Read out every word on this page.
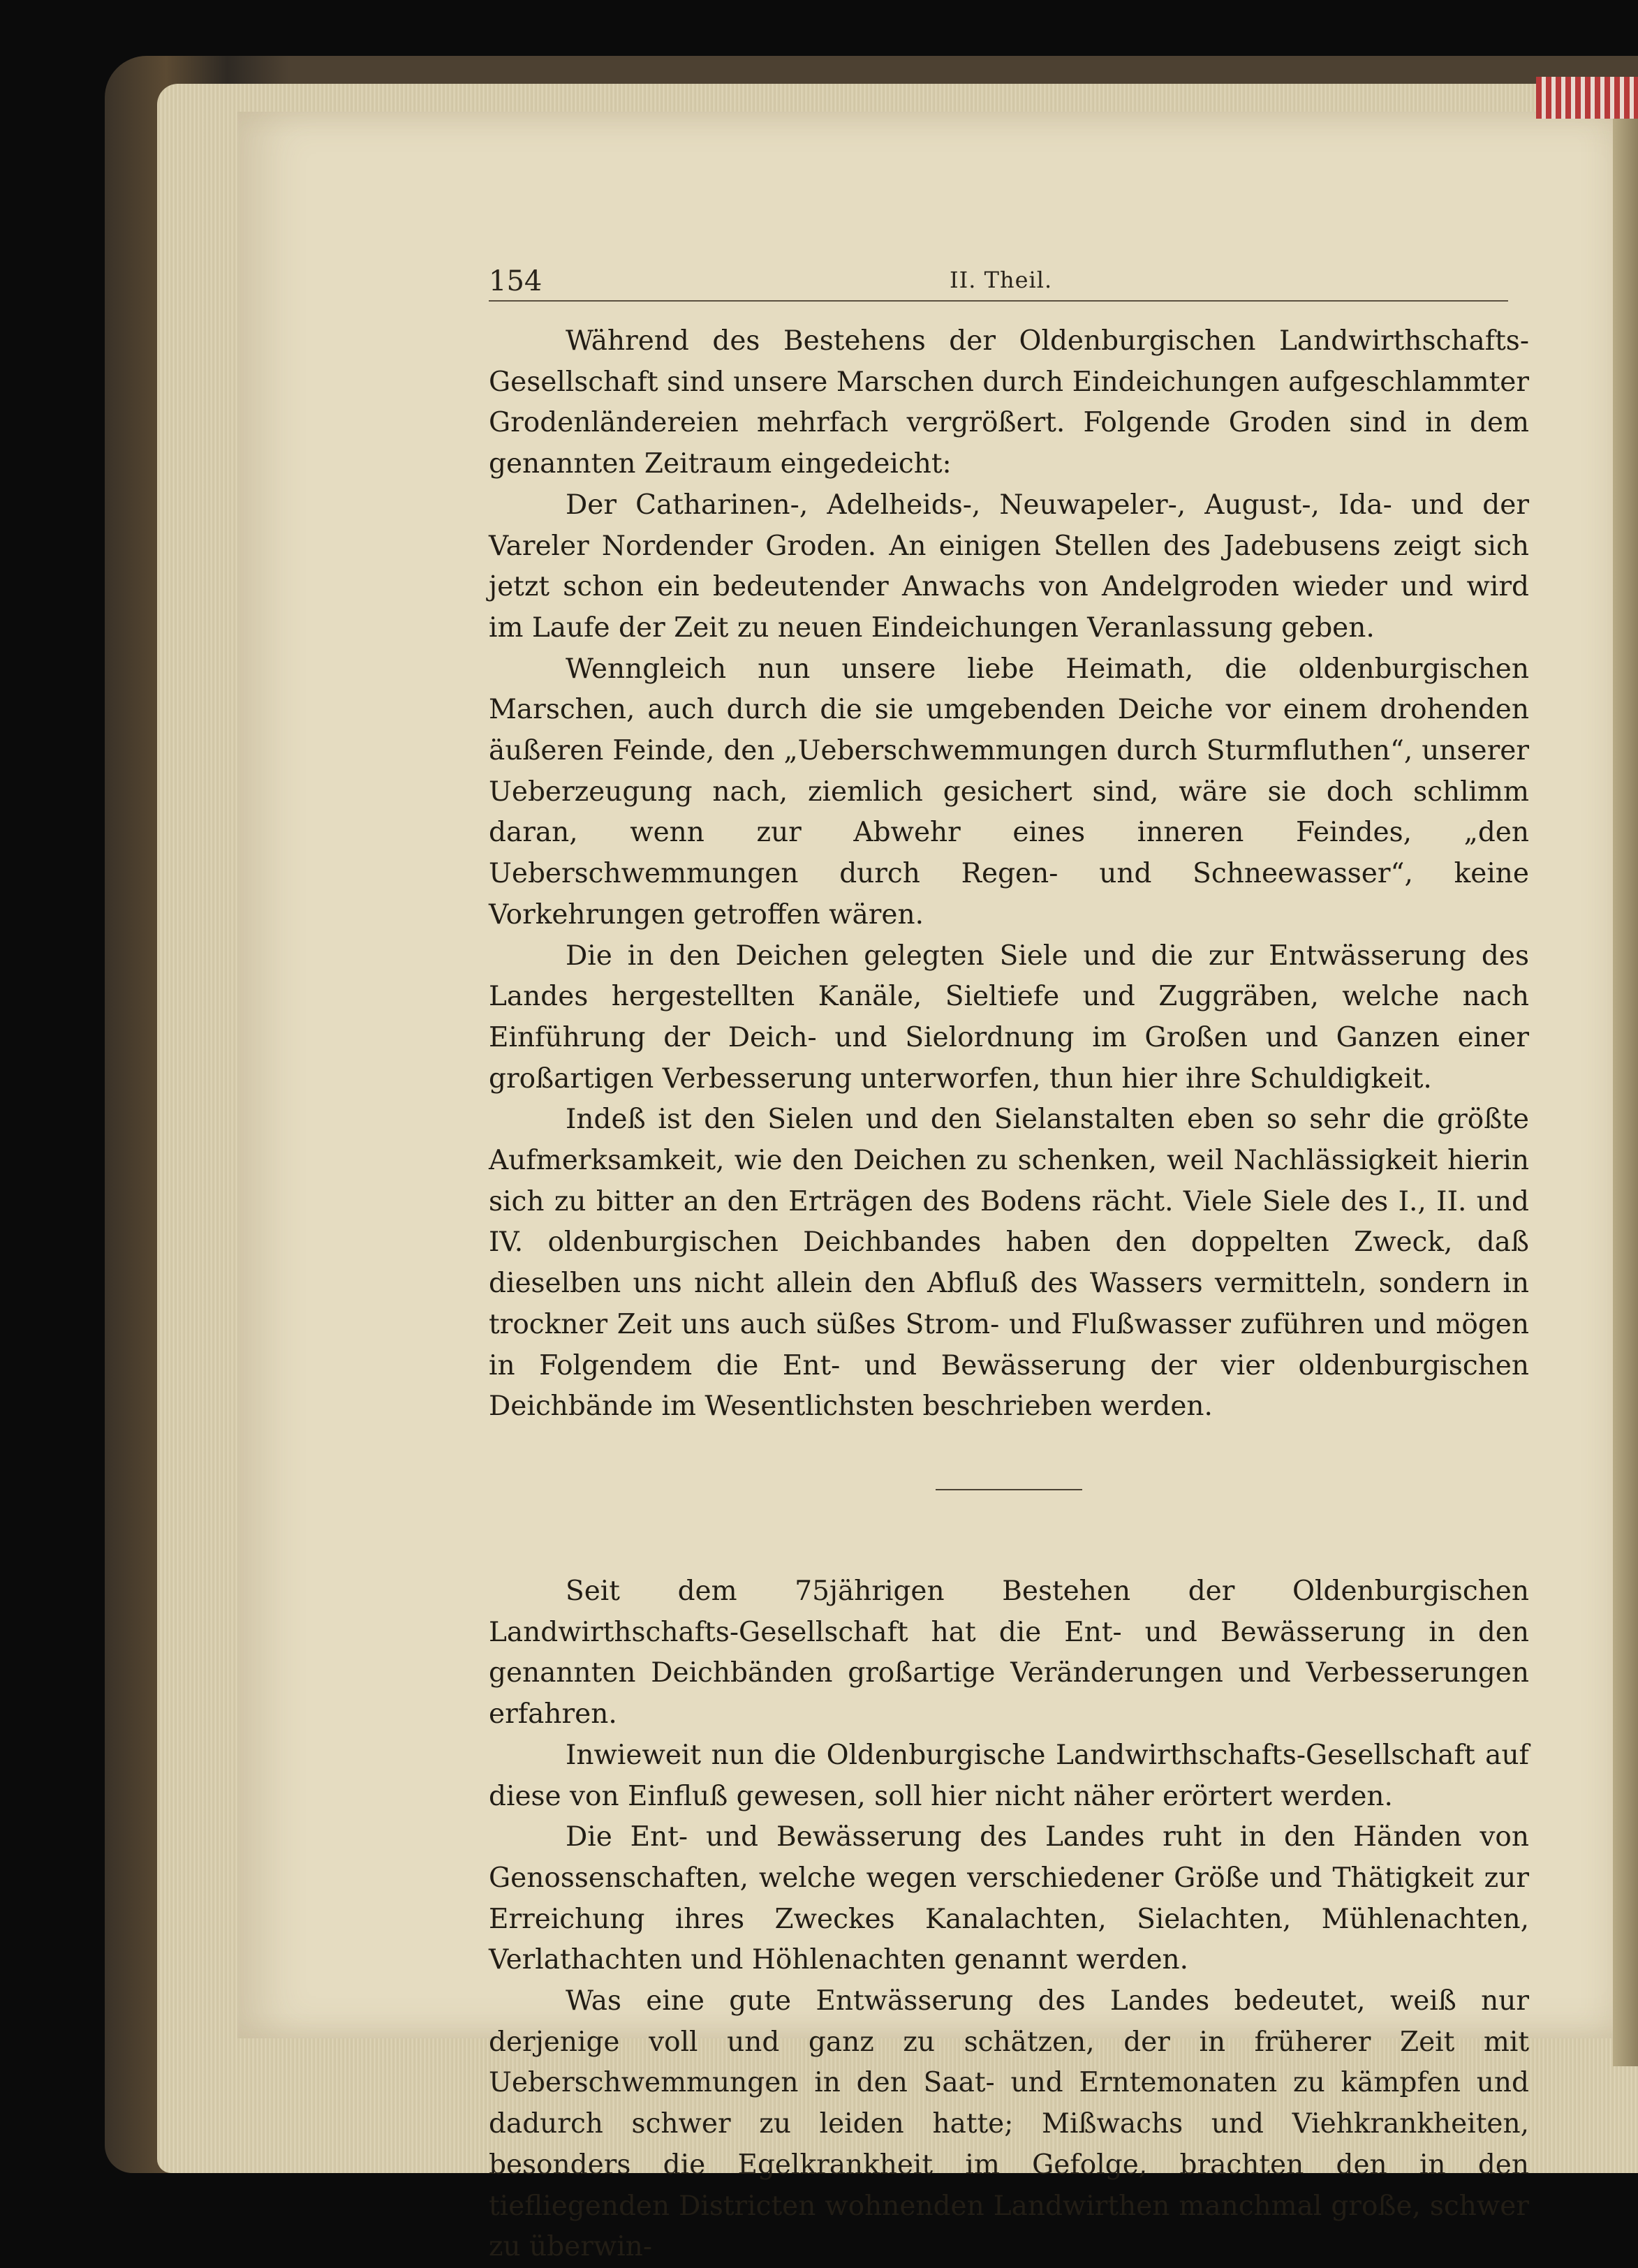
154	II. Theil.

Während des Bestehens der Oldenburgischen Landwirthschafts-Gesellschaft sind unsere Marschen durch Eindeichungen aufgeschlammter Grodenländereien mehrfach vergrößert. Folgende Groden sind in dem genannten Zeitraum eingedeicht:

Der Catharinen-, Adelheids-, Neuwapeler-, August-, Ida- und der Vareler Nordender Groden. An einigen Stellen des Jadebusens zeigt sich jetzt schon ein bedeutender Anwachs von Andelgroden wieder und wird im Laufe der Zeit zu neuen Eindeichungen Veranlassung geben.

Wenngleich nun unsere liebe Heimath, die oldenburgischen Marschen, auch durch die sie umgebenden Deiche vor einem drohenden äußeren Feinde, den „Ueberschwemmungen durch Sturmfluthen“, unserer Ueberzeugung nach, ziemlich gesichert sind, wäre sie doch schlimm daran, wenn zur Abwehr eines inneren Feindes, „den Ueberschwemmungen durch Regen- und Schneewasser“, keine Vorkehrungen getroffen wären.

Die in den Deichen gelegten Siele und die zur Entwässerung des Landes hergestellten Kanäle, Sieltiefe und Zuggräben, welche nach Einführung der Deich- und Sielordnung im Großen und Ganzen einer großartigen Verbesserung unterworfen, thun hier ihre Schuldigkeit.

Indeß ist den Sielen und den Sielanstalten eben so sehr die größte Aufmerksamkeit, wie den Deichen zu schenken, weil Nachlässigkeit hierin sich zu bitter an den Erträgen des Bodens rächt. Viele Siele des I., II. und IV. oldenburgischen Deichbandes haben den doppelten Zweck, daß dieselben uns nicht allein den Abfluß des Wassers vermitteln, sondern in trockner Zeit uns auch süßes Strom- und Flußwasser zuführen und mögen in Folgendem die Ent- und Bewässerung der vier oldenburgischen Deichbände im Wesentlichsten beschrieben werden.

Seit dem 75jährigen Bestehen der Oldenburgischen Landwirthschafts-Gesellschaft hat die Ent- und Bewässerung in den genannten Deichbänden großartige Veränderungen und Verbesserungen erfahren.

Inwieweit nun die Oldenburgische Landwirthschafts-Gesellschaft auf diese von Einfluß gewesen, soll hier nicht näher erörtert werden.

Die Ent- und Bewässerung des Landes ruht in den Händen von Genossenschaften, welche wegen verschiedener Größe und Thätigkeit zur Erreichung ihres Zweckes Kanalachten, Sielachten, Mühlenachten, Verlathachten und Höhlenachten genannt werden.

Was eine gute Entwässerung des Landes bedeutet, weiß nur derjenige voll und ganz zu schätzen, der in früherer Zeit mit Ueberschwemmungen in den Saat- und Erntemonaten zu kämpfen und dadurch schwer zu leiden hatte; Mißwachs und Viehkrankheiten, besonders die Egelkrankheit im Gefolge, brachten den in den tiefliegenden Districten wohnenden Landwirthen manchmal große, schwer zu überwin-
